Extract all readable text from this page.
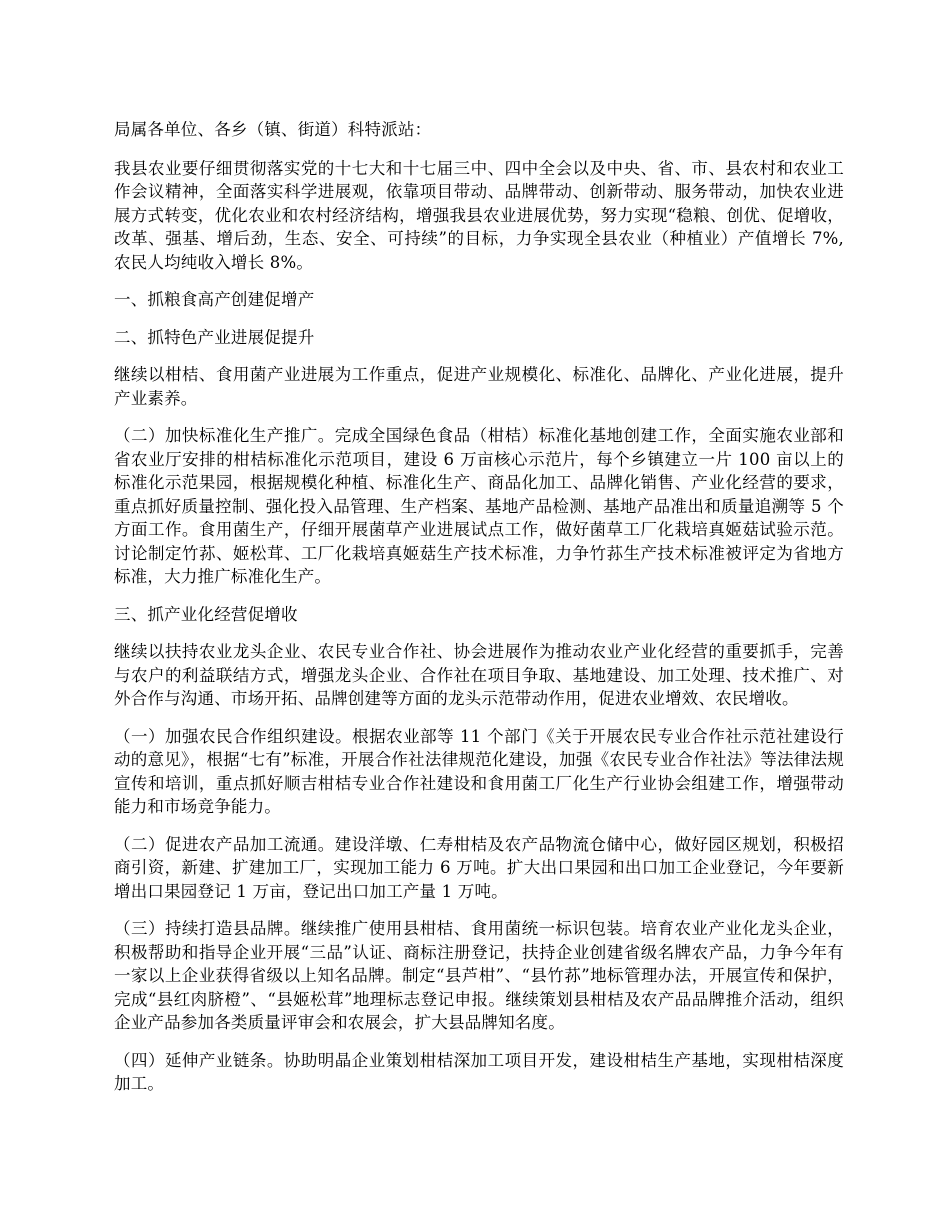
局属各单位、各乡（镇、街道）科特派站：

我县农业要仔细贯彻落实党的十七大和十七届三中、四中全会以及中央、省、市、县农村和农业工作会议精神，全面落实科学进展观，依靠项目带动、品牌带动、创新带动、服务带动，加快农业进展方式转变，优化农业和农村经济结构，增强我县农业进展优势，努力实现“稳粮、创优、促增收，改革、强基、增后劲，生态、安全、可持续”的目标，力争实现全县农业（种植业）产值增长 7%,农民人均纯收入增长 8%。

一、抓粮食高产创建促增产

二、抓特色产业进展促提升

继续以柑桔、食用菌产业进展为工作重点，促进产业规模化、标准化、品牌化、产业化进展，提升产业素养。

（二）加快标准化生产推广。完成全国绿色食品（柑桔）标准化基地创建工作，全面实施农业部和省农业厅安排的柑桔标准化示范项目，建设 6 万亩核心示范片，每个乡镇建立一片 100 亩以上的标准化示范果园，根据规模化种植、标准化生产、商品化加工、品牌化销售、产业化经营的要求，重点抓好质量控制、强化投入品管理、生产档案、基地产品检测、基地产品准出和质量追溯等 5 个方面工作。食用菌生产，仔细开展菌草产业进展试点工作，做好菌草工厂化栽培真姬菇试验示范。讨论制定竹荪、姬松茸、工厂化栽培真姬菇生产技术标准，力争竹荪生产技术标准被评定为省地方标准，大力推广标准化生产。

三、抓产业化经营促增收

继续以扶持农业龙头企业、农民专业合作社、协会进展作为推动农业产业化经营的重要抓手，完善与农户的利益联结方式，增强龙头企业、合作社在项目争取、基地建设、加工处理、技术推广、对外合作与沟通、市场开拓、品牌创建等方面的龙头示范带动作用，促进农业增效、农民增收。

（一）加强农民合作组织建设。根据农业部等 11 个部门《关于开展农民专业合作社示范社建设行动的意见》，根据“七有”标准，开展合作社法律规范化建设，加强《农民专业合作社法》等法律法规宣传和培训，重点抓好顺吉柑桔专业合作社建设和食用菌工厂化生产行业协会组建工作，增强带动能力和市场竞争能力。

（二）促进农产品加工流通。建设洋墩、仁寿柑桔及农产品物流仓储中心，做好园区规划，积极招商引资，新建、扩建加工厂，实现加工能力 6 万吨。扩大出口果园和出口加工企业登记，今年要新增出口果园登记 1 万亩，登记出口加工产量 1 万吨。

（三）持续打造县品牌。继续推广使用县柑桔、食用菌统一标识包装。培育农业产业化龙头企业，积极帮助和指导企业开展“三品”认证、商标注册登记，扶持企业创建省级名牌农产品，力争今年有一家以上企业获得省级以上知名品牌。制定“县芦柑”、“县竹荪”地标管理办法，开展宣传和保护，完成“县红肉脐橙”、“县姬松茸”地理标志登记申报。继续策划县柑桔及农产品品牌推介活动，组织企业产品参加各类质量评审会和农展会，扩大县品牌知名度。

（四）延伸产业链条。协助明晶企业策划柑桔深加工项目开发，建设柑桔生产基地，实现柑桔深度加工。
